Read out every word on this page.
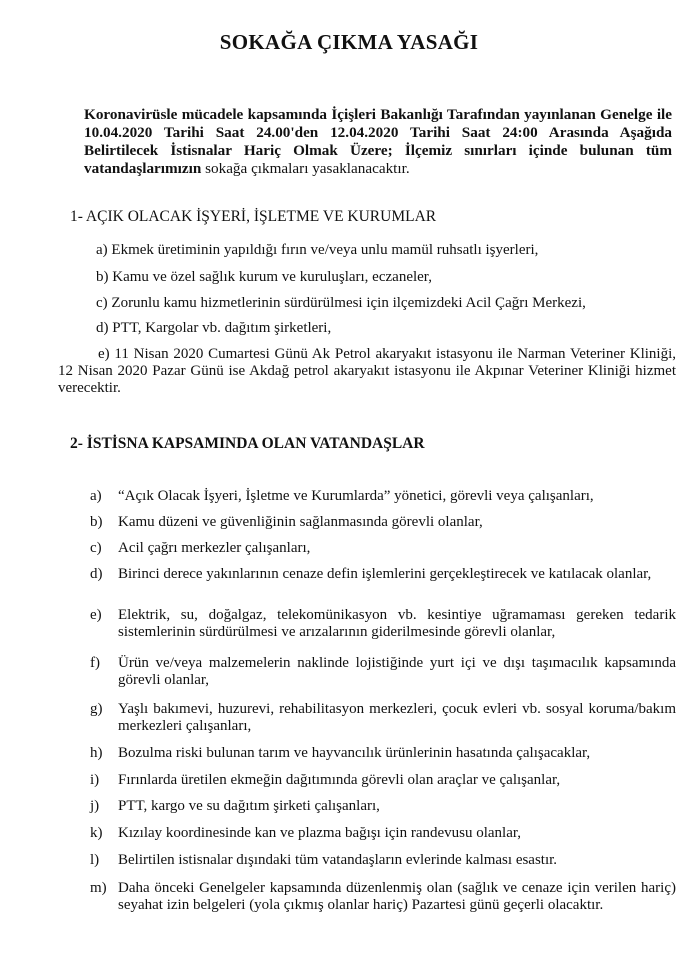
SOKAĞA ÇIKMA YASAĞI
Koronavirüsle mücadele kapsamında İçişleri Bakanlığı Tarafından yayınlanan Genelge ile 10.04.2020 Tarihi Saat 24.00'den 12.04.2020 Tarihi Saat 24:00 Arasında Aşağıda Belirtilecek İstisnalar Hariç Olmak Üzere; İlçemiz sınırları içinde bulunan tüm vatandaşlarımızın sokağa çıkmaları yasaklanacaktır.
1- AÇIK OLACAK İŞYERİ, İŞLETME VE KURUMLAR
a) Ekmek üretiminin yapıldığı fırın ve/veya unlu mamül ruhsatlı işyerleri,
b) Kamu ve özel sağlık kurum ve kuruluşları, eczaneler,
c) Zorunlu kamu hizmetlerinin sürdürülmesi için ilçemizdeki Acil Çağrı Merkezi,
d) PTT, Kargolar vb. dağıtım şirketleri,
e) 11 Nisan 2020 Cumartesi Günü Ak Petrol akaryakıt istasyonu ile Narman Veteriner Kliniği, 12 Nisan 2020 Pazar Günü ise Akdağ petrol akaryakıt istasyonu ile Akpınar Veteriner Kliniği hizmet verecektir.
2- İSTİSNA KAPSAMINDA OLAN VATANDAŞLAR
a) “Açık Olacak İşyeri, İşletme ve Kurumlarda” yönetici, görevli veya çalışanları,
b) Kamu düzeni ve güvenliğinin sağlanmasında görevli olanlar,
c) Acil çağrı merkezler çalışanları,
d) Birinci derece yakınlarının cenaze defin işlemlerini gerçekleştirecek ve katılacak olanlar,
e) Elektrik, su, doğalgaz, telekomünikasyon vb. kesintiye uğramaması gereken tedarik sistemlerinin sürdürülmesi ve arızalarının giderilmesinde görevli olanlar,
f) Ürün ve/veya malzemelerin naklinde lojistiğinde yurt içi ve dışı taşımacılık kapsamında görevli olanlar,
g) Yaşlı bakımevi, huzurevi, rehabilitasyon merkezleri, çocuk evleri vb. sosyal koruma/bakım merkezleri çalışanları,
h) Bozulma riski bulunan tarım ve hayvancılık ürünlerinin hasatında çalışacaklar,
i) Fırınlarda üretilen ekmeğin dağıtımında görevli olan araçlar ve çalışanlar,
j) PTT, kargo ve su dağıtım şirketi çalışanları,
k) Kızılay koordinesinde kan ve plazma bağışı için randevusu olanlar,
l) Belirtilen istisnalar dışındaki tüm vatandaşların evlerinde kalması esastır.
m) Daha önceki Genelgeler kapsamında düzenlenmiş olan (sağlık ve cenaze için verilen hariç) seyahat izin belgeleri (yola çıkmış olanlar hariç) Pazartesi günü geçerli olacaktır.
